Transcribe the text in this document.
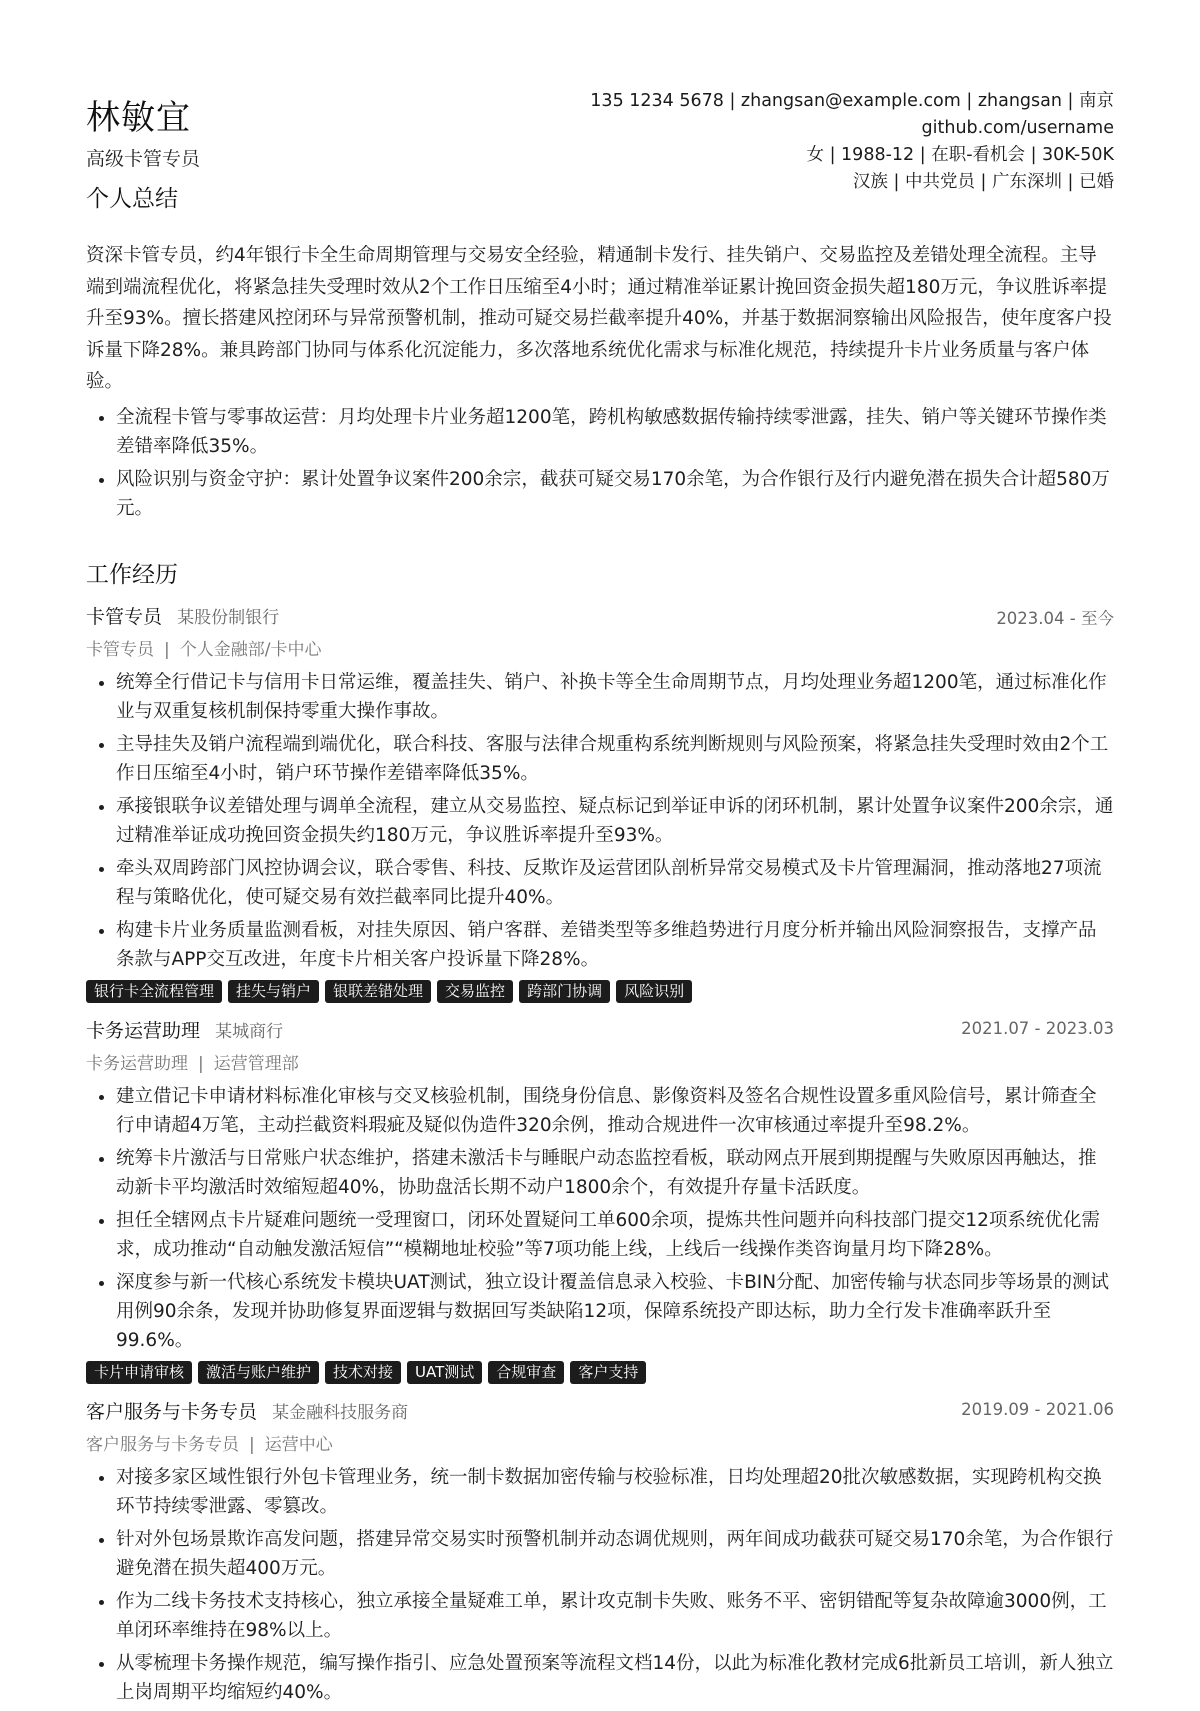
林敏宜
高级卡管专员
135 1234 5678 | zhangsan@example.com | zhangsan | 南京
github.com/username
女 | 1988-12 | 在职-看机会 | 30K-50K
汉族 | 中共党员 | 广东深圳 | 已婚
个人总结

资深卡管专员，约4年银行卡全生命周期管理与交易安全经验，精通制卡发行、挂失销户、交易监控及差错处理全流程。主导端到端流程优化，将紧急挂失受理时效从2个工作日压缩至4小时；通过精准举证累计挽回资金损失超180万元，争议胜诉率提升至93%。擅长搭建风控闭环与异常预警机制，推动可疑交易拦截率提升40%，并基于数据洞察输出风险报告，使年度客户投诉量下降28%。兼具跨部门协同与体系化沉淀能力，多次落地系统优化需求与标准化规范，持续提升卡片业务质量与客户体验。

• 全流程卡管与零事故运营：月均处理卡片业务超1200笔，跨机构敏感数据传输持续零泄露，挂失、销户等关键环节操作类差错率降低35%。
• 风险识别与资金守护：累计处置争议案件200余宗，截获可疑交易170余笔，为合作银行及行内避免潜在损失合计超580万元。
工作经历
卡管专员 某股份制银行	2023.04 - 至今
卡管专员 | 个人金融部/卡中心
• 统筹全行借记卡与信用卡日常运维，覆盖挂失、销户、补换卡等全生命周期节点，月均处理业务超1200笔，通过标准化作业与双重复核机制保持零重大操作事故。
• 主导挂失及销户流程端到端优化，联合科技、客服与法律合规重构系统判断规则与风险预案，将紧急挂失受理时效由2个工作日压缩至4小时，销户环节操作差错率降低35%。
• 承接银联争议差错处理与调单全流程，建立从交易监控、疑点标记到举证申诉的闭环机制，累计处置争议案件200余宗，通过精准举证成功挽回资金损失约180万元，争议胜诉率提升至93%。
• 牵头双周跨部门风控协调会议，联合零售、科技、反欺诈及运营团队剖析异常交易模式及卡片管理漏洞，推动落地27项流程与策略优化，使可疑交易有效拦截率同比提升40%。
• 构建卡片业务质量监测看板，对挂失原因、销户客群、差错类型等多维趋势进行月度分析并输出风险洞察报告，支撑产品条款与APP交互改进，年度卡片相关客户投诉量下降28%。
银行卡全流程管理	挂失与销户	银联差错处理	交易监控	跨部门协调	风险识别
卡务运营助理 某城商行	2021.07 - 2023.03
卡务运营助理 | 运营管理部
• 建立借记卡申请材料标准化审核与交叉核验机制，围绕身份信息、影像资料及签名合规性设置多重风险信号，累计筛查全行申请超4万笔，主动拦截资料瑕疵及疑似伪造件320余例，推动合规进件一次审核通过率提升至98.2%。
• 统筹卡片激活与日常账户状态维护，搭建未激活卡与睡眠户动态监控看板，联动网点开展到期提醒与失败原因再触达，推动新卡平均激活时效缩短超40%，协助盘活长期不动户1800余个，有效提升存量卡活跃度。
• 担任全辖网点卡片疑难问题统一受理窗口，闭环处置疑问工单600余项，提炼共性问题并向科技部门提交12项系统优化需求，成功推动“自动触发激活短信”“模糊地址校验”等7项功能上线，上线后一线操作类咨询量月均下降28%。
• 深度参与新一代核心系统发卡模块UAT测试，独立设计覆盖信息录入校验、卡BIN分配、加密传输与状态同步等场景的测试用例90余条，发现并协助修复界面逻辑与数据回写类缺陷12项，保障系统投产即达标，助力全行发卡准确率跃升至99.6%。
卡片申请审核	激活与账户维护	技术对接	UAT测试	合规审查	客户支持
客户服务与卡务专员 某金融科技服务商	2019.09 - 2021.06
客户服务与卡务专员 | 运营中心
• 对接多家区域性银行外包卡管理业务，统一制卡数据加密传输与校验标准，日均处理超20批次敏感数据，实现跨机构交换环节持续零泄露、零篡改。
• 针对外包场景欺诈高发问题，搭建异常交易实时预警机制并动态调优规则，两年间成功截获可疑交易170余笔，为合作银行避免潜在损失超400万元。
• 作为二线卡务技术支持核心，独立承接全量疑难工单，累计攻克制卡失败、账务不平、密钥错配等复杂故障逾3000例，工单闭环率维持在98%以上。
• 从零梳理卡务操作规范，编写操作指引、应急处置预案等流程文档14份，以此为标准化教材完成6批新员工培训，新人独立上岗周期平均缩短约40%。
